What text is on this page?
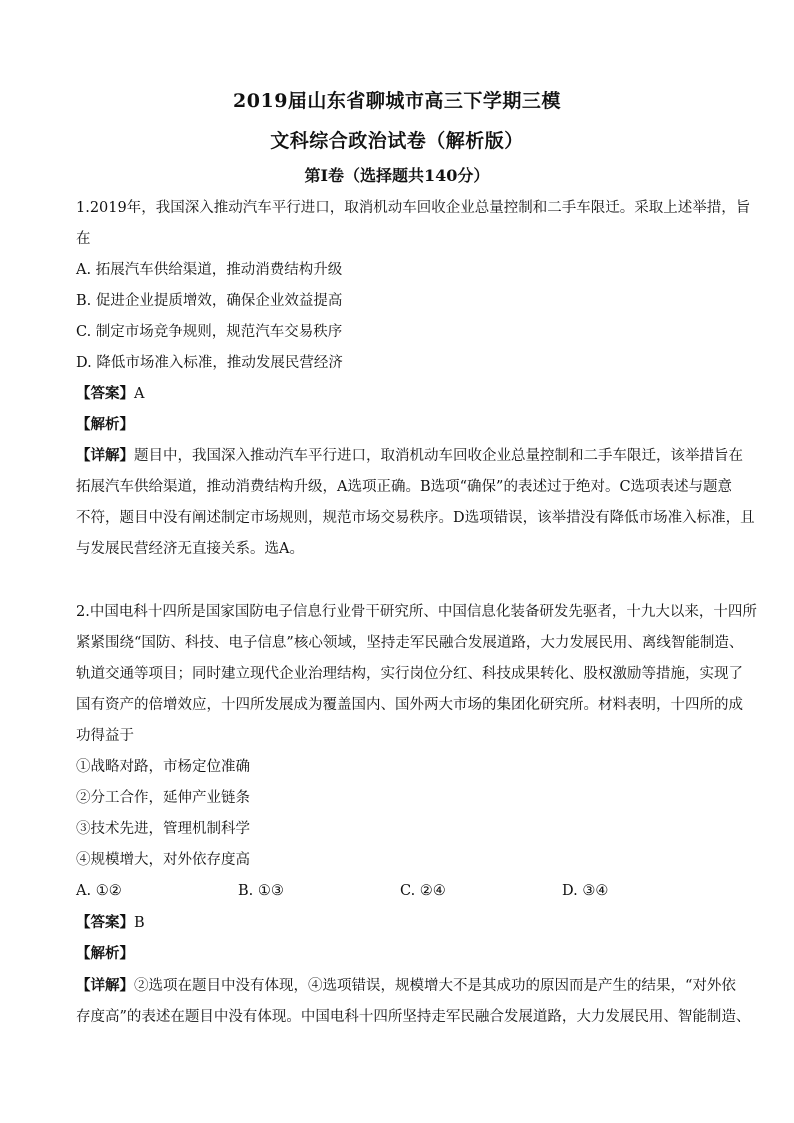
2019届山东省聊城市高三下学期三模
文科综合政治试卷（解析版）
第I卷（选择题共140分）
1.2019年，我国深入推动汽车平行进口，取消机动车回收企业总量控制和二手车限迁。采取上述举措，旨
在
A. 拓展汽车供给渠道，推动消费结构升级
B. 促进企业提质增效，确保企业效益提高
C. 制定市场竞争规则，规范汽车交易秩序
D. 降低市场准入标准，推动发展民营经济
【答案】A
【解析】
【详解】题目中，我国深入推动汽车平行进口，取消机动车回收企业总量控制和二手车限迁，该举措旨在
拓展汽车供给渠道，推动消费结构升级，A选项正确。B选项“确保”的表述过于绝对。C选项表述与题意
不符，题目中没有阐述制定市场规则，规范市场交易秩序。D选项错误，该举措没有降低市场准入标准，且
与发展民营经济无直接关系。选A。
2.中国电科十四所是国家国防电子信息行业骨干研究所、中国信息化装备研发先驱者，十九大以来，十四所
紧紧围绕“国防、科技、电子信息”核心领域，坚持走军民融合发展道路，大力发展民用、离线智能制造、
轨道交通等项目；同时建立现代企业治理结构，实行岗位分红、科技成果转化、股权激励等措施，实现了
国有资产的倍增效应，十四所发展成为覆盖国内、国外两大市场的集团化研究所。材料表明，十四所的成
功得益于
①战略对路，市杨定位准确
②分工合作，延伸产业链条
③技术先进，管理机制科学
④规模增大，对外依存度高
A. ①②	B. ①③	C. ②④	D. ③④
【答案】B
【解析】
【详解】②选项在题目中没有体现，④选项错误，规模增大不是其成功的原因而是产生的结果，“对外依
存度高”的表述在题目中没有体现。中国电科十四所坚持走军民融合发展道路，大力发展民用、智能制造、
